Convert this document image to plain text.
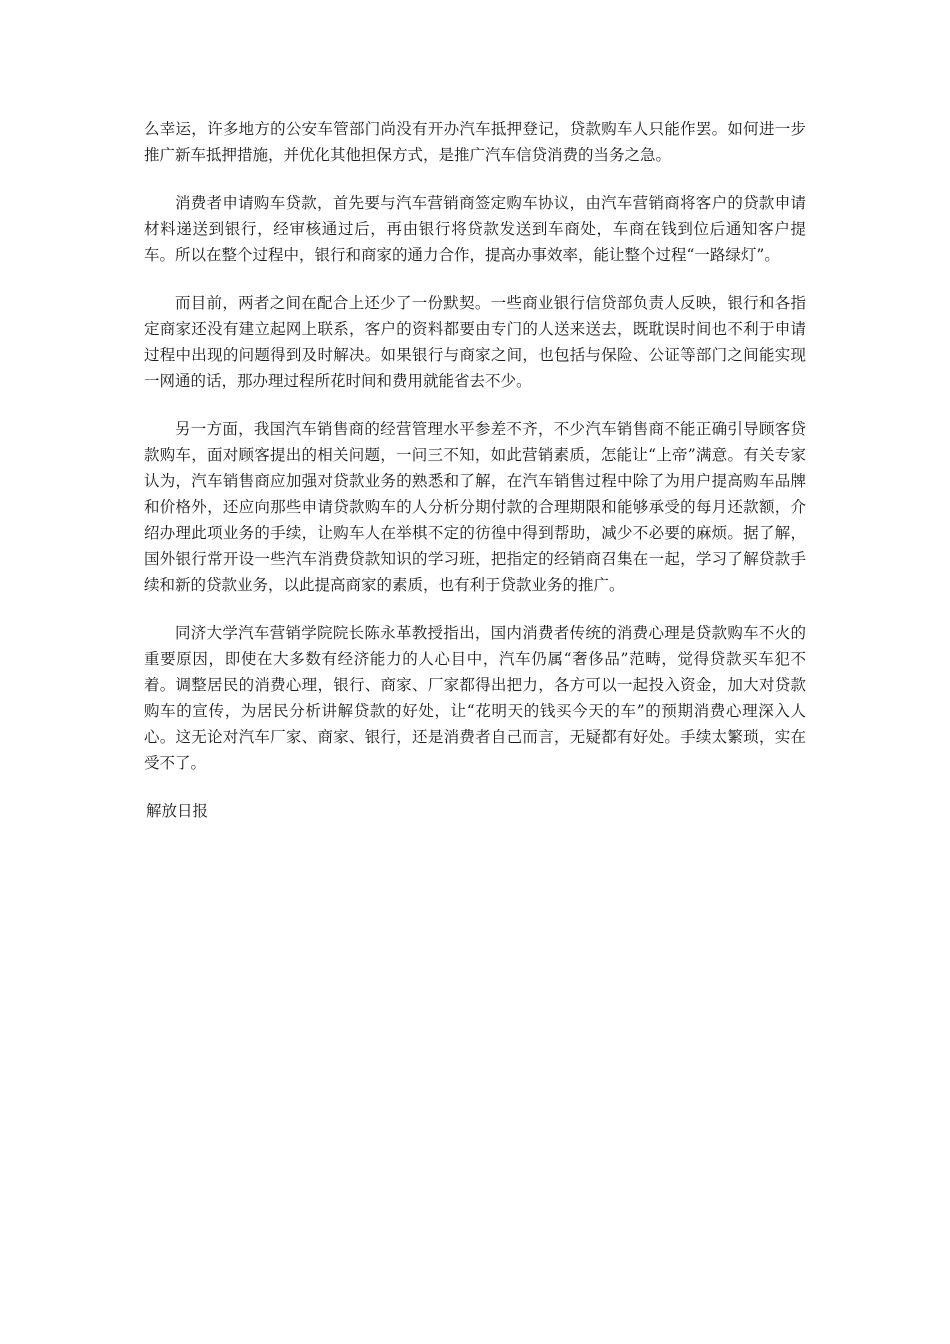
么幸运，许多地方的公安车管部门尚没有开办汽车抵押登记，贷款购车人只能作罢。如何进一步推广新车抵押措施，并优化其他担保方式，是推广汽车信贷消费的当务之急。

消费者申请购车贷款，首先要与汽车营销商签定购车协议，由汽车营销商将客户的贷款申请材料递送到银行，经审核通过后，再由银行将贷款发送到车商处，车商在钱到位后通知客户提车。所以在整个过程中，银行和商家的通力合作，提高办事效率，能让整个过程“一路绿灯”。

而目前，两者之间在配合上还少了一份默契。一些商业银行信贷部负责人反映，银行和各指定商家还没有建立起网上联系，客户的资料都要由专门的人送来送去，既耽误时间也不利于申请过程中出现的问题得到及时解决。如果银行与商家之间，也包括与保险、公证等部门之间能实现一网通的话，那办理过程所花时间和费用就能省去不少。

另一方面，我国汽车销售商的经营管理水平参差不齐，不少汽车销售商不能正确引导顾客贷款购车，面对顾客提出的相关问题，一问三不知，如此营销素质，怎能让“上帝”满意。有关专家认为，汽车销售商应加强对贷款业务的熟悉和了解，在汽车销售过程中除了为用户提高购车品牌和价格外，还应向那些申请贷款购车的人分析分期付款的合理期限和能够承受的每月还款额，介绍办理此项业务的手续，让购车人在举棋不定的彷徨中得到帮助，减少不必要的麻烦。据了解，国外银行常开设一些汽车消费贷款知识的学习班，把指定的经销商召集在一起，学习了解贷款手续和新的贷款业务，以此提高商家的素质，也有利于贷款业务的推广。

同济大学汽车营销学院院长陈永革教授指出，国内消费者传统的消费心理是贷款购车不火的重要原因，即使在大多数有经济能力的人心目中，汽车仍属“奢侈品”范畴，觉得贷款买车犯不着。调整居民的消费心理，银行、商家、厂家都得出把力，各方可以一起投入资金，加大对贷款购车的宣传，为居民分析讲解贷款的好处，让“花明天的钱买今天的车”的预期消费心理深入人心。这无论对汽车厂家、商家、银行，还是消费者自己而言，无疑都有好处。手续太繁琐，实在受不了。

解放日报
